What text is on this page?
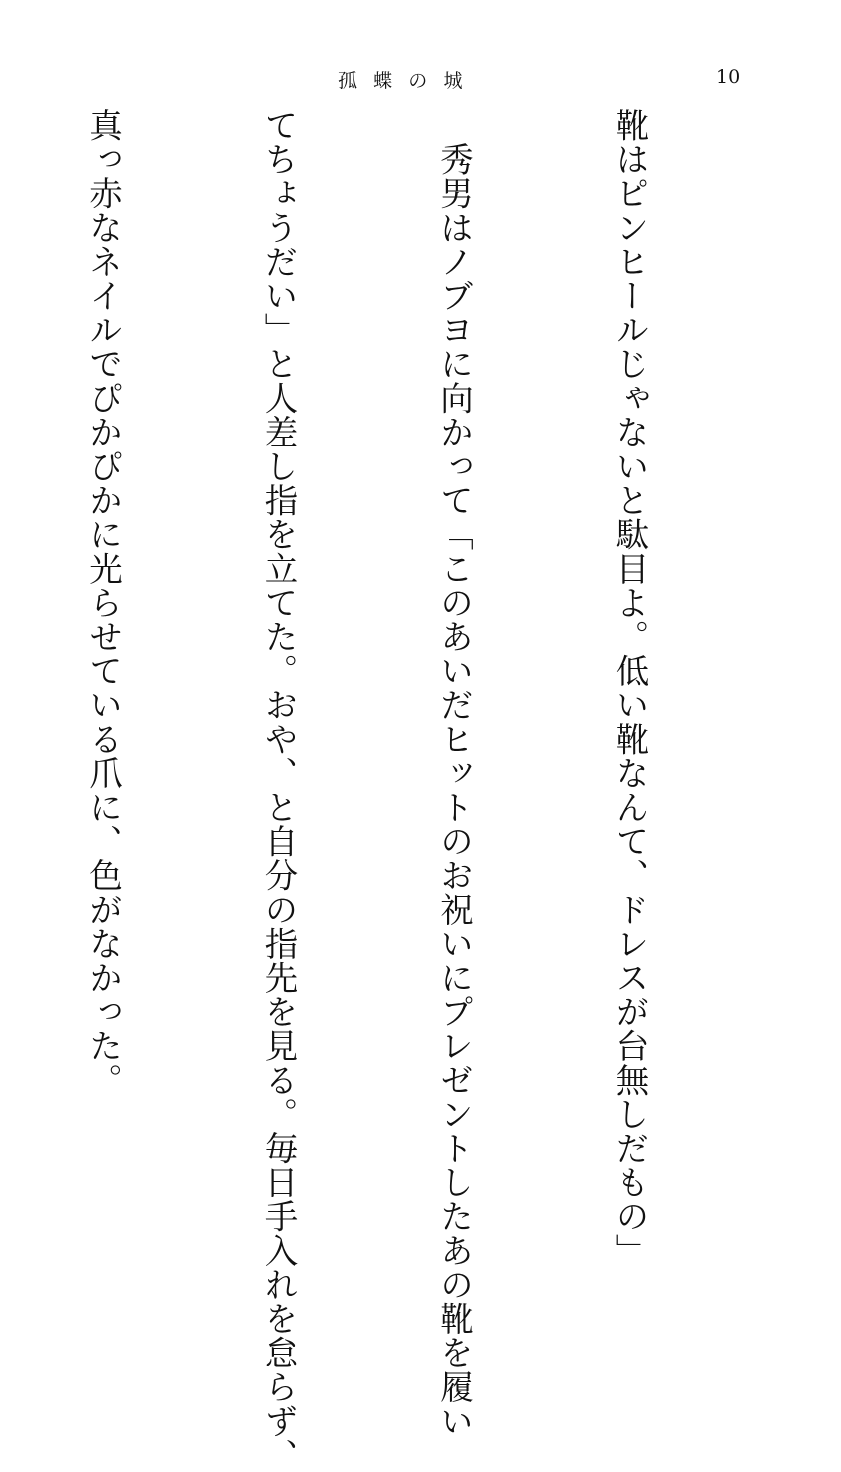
孤蝶の城	10

靴はピンヒールじゃないと駄目よ。低い靴なんて、ドレスが台無しだもの」

　秀男はノブヨに向かって「このあいだヒットのお祝いにプレゼントしたあの靴を履い

てちょうだい」と人差し指を立てた。おや、と自分の指先を見る。毎日手入れを怠らず、

真っ赤なネイルでぴかぴかに光らせている爪に、色がなかった。
